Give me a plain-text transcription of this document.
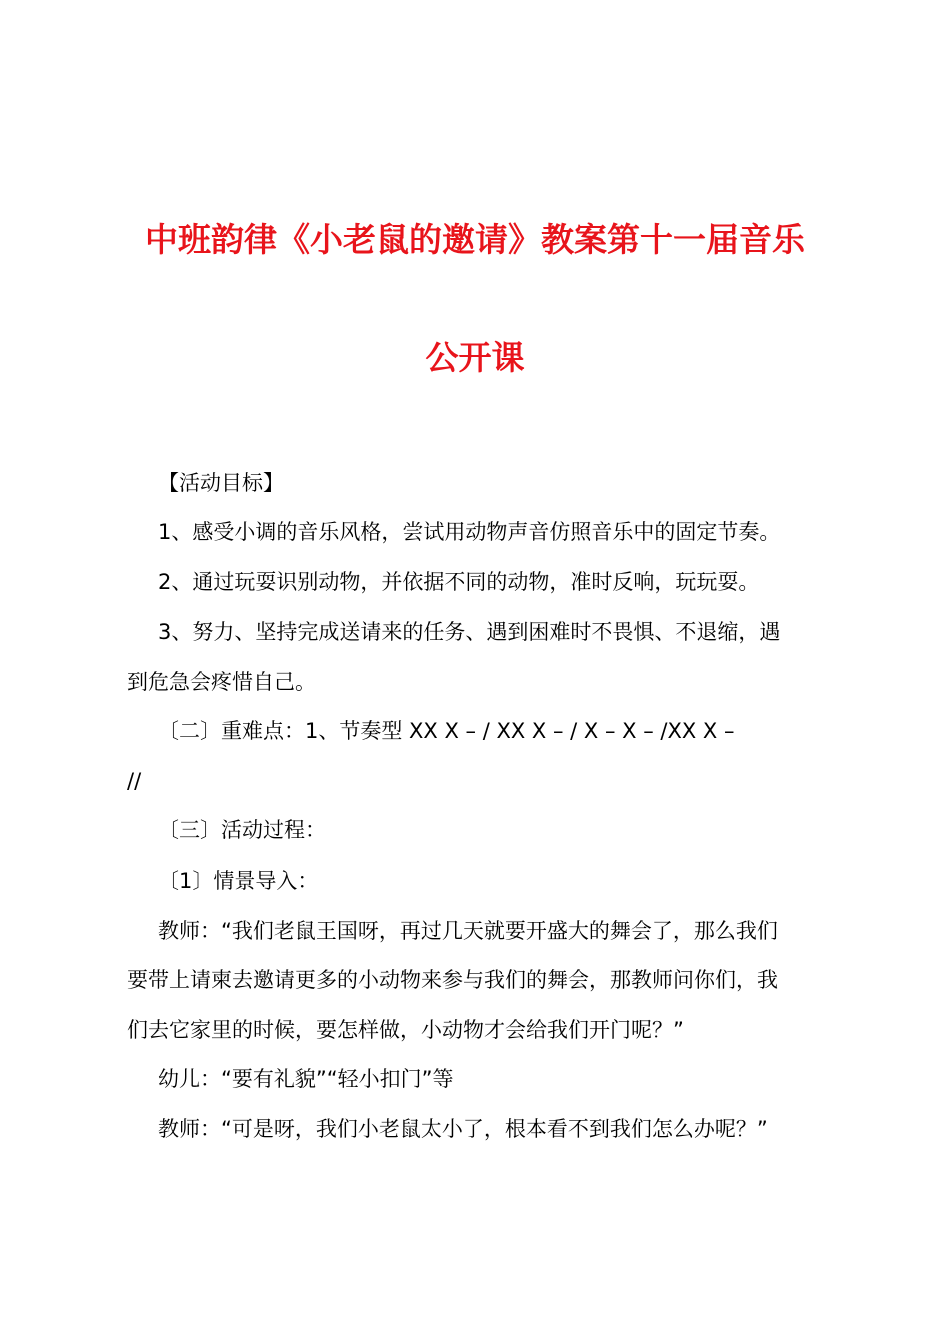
中班韵律《小老鼠的邀请》教案第十一届音乐
公开课
【活动目标】
1、感受小调的音乐风格，尝试用动物声音仿照音乐中的固定节奏。
2、通过玩耍识别动物，并依据不同的动物，准时反响，玩玩耍。
3、努力、坚持完成送请来的任务、遇到困难时不畏惧、不退缩，遇
到危急会疼惜自己。
〔二〕重难点：1、节奏型 XX X – / XX X – / X – X – /XX X –
//
〔三〕活动过程：
〔1〕情景导入：
教师：“我们老鼠王国呀，再过几天就要开盛大的舞会了，那么我们
要带上请柬去邀请更多的小动物来参与我们的舞会，那教师问你们，我
们去它家里的时候，要怎样做，小动物才会给我们开门呢？”
幼儿：“要有礼貌”“轻小扣门”等
教师：“可是呀，我们小老鼠太小了，根本看不到我们怎么办呢？”
